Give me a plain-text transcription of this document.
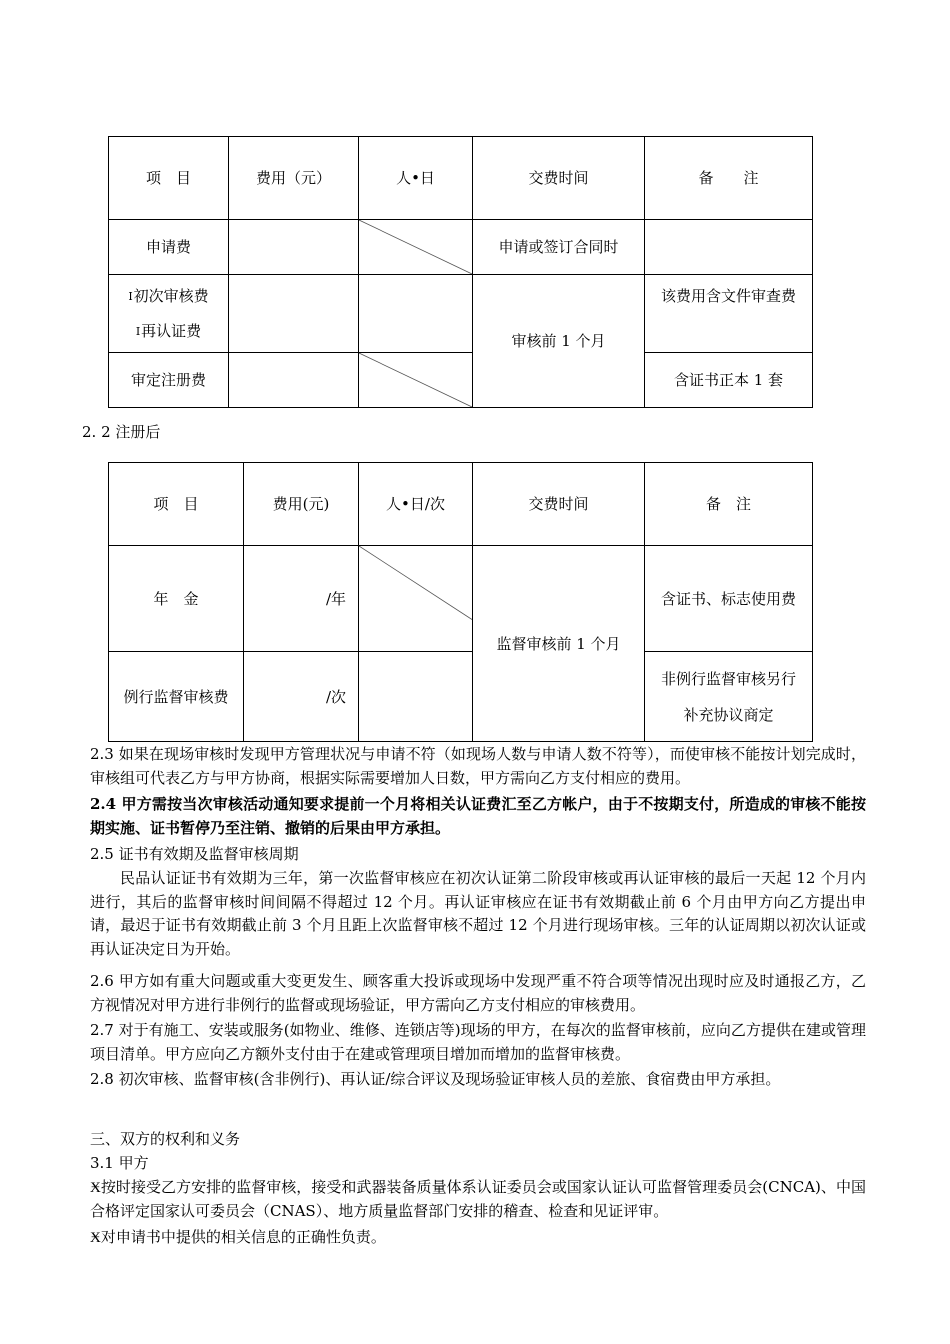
项　目	费用（元）	人•日	交费时间	备　　注
申请费			申请或签订合同时	

I初次审核费
I再认证费			审核前 1 个月	该费用含文件审查费
审定注册费				含证书正本 1 套
2. 2 注册后
项　目	费用(元)	人•日/次	交费时间	备　注
年　金	/年		监督审核前 1 个月	含证书、标志使用费
例行监督审核费	/次			非例行监督审核另行补充协议商定
2.3 如果在现场审核时发现甲方管理状况与申请不符（如现场人数与申请人数不符等），而使审核不能按计划完成时，审核组可代表乙方与甲方协商，根据实际需要增加人日数，甲方需向乙方支付相应的费用。
2.4 甲方需按当次审核活动通知要求提前一个月将相关认证费汇至乙方帐户，由于不按期支付，所造成的审核不能按期实施、证书暂停乃至注销、撤销的后果由甲方承担。
2.5 证书有效期及监督审核周期
民品认证证书有效期为三年，第一次监督审核应在初次认证第二阶段审核或再认证审核的最后一天起 12 个月内进行，其后的监督审核时间间隔不得超过 12 个月。再认证审核应在证书有效期截止前 6 个月由甲方向乙方提出申请，最迟于证书有效期截止前 3 个月且距上次监督审核不超过 12 个月进行现场审核。三年的认证周期以初次认证或再认证决定日为开始。
2.6 甲方如有重大问题或重大变更发生、顾客重大投诉或现场中发现严重不符合项等情况出现时应及时通报乙方，乙方视情况对甲方进行非例行的监督或现场验证，甲方需向乙方支付相应的审核费用。
2.7 对于有施工、安装或服务(如物业、维修、连锁店等)现场的甲方，在每次的监督审核前，应向乙方提供在建或管理项目清单。甲方应向乙方额外支付由于在建或管理项目增加而增加的监督审核费。
2.8 初次审核、监督审核(含非例行)、再认证/综合评议及现场验证审核人员的差旅、食宿费由甲方承担。
三、双方的权利和义务
3.1 甲方
Ӿ按时接受乙方安排的监督审核，接受和武器装备质量体系认证委员会或国家认证认可监督管理委员会(CNCA)、中国合格评定国家认可委员会（CNAS）、地方质量监督部门安排的稽查、检查和见证评审。
Ӿ对申请书中提供的相关信息的正确性负责。
